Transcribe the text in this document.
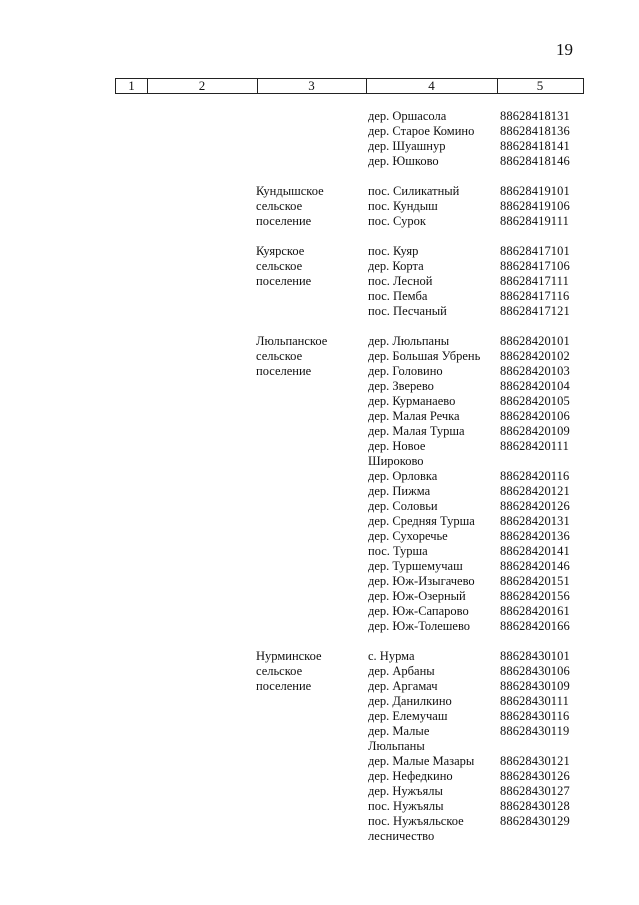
19
1	2	3	4	5
дер. Оршасола	88628418131
дер. Старое Комино 88628418136
дер. Шуашнур	88628418141
дер. Юшково	88628418146
Кундышское	пос. Силикатный	88628419101
сельское	пос. Кундыш	88628419106
поселение	пос. Сурок	88628419111
Куярское	пос. Куяр	88628417101
сельское	дер. Корта	88628417106
поселение	пос. Лесной	88628417111
пос. Пемба	88628417116
пос. Песчаный	88628417121
Люльпанское	дер. Люльпаны	88628420101
сельское	дер. Большая Убрень 88628420102
поселение	дер. Головино	88628420103
дер. Зверево	88628420104
дер. Курманаево	88628420105
дер. Малая Речка	88628420106
дер. Малая Турша	88628420109
дер. Новое	88628420111
Широково
дер. Орловка	88628420116
дер. Пижма	88628420121
дер. Соловьи	88628420126
дер. Средняя Турша 88628420131
дер. Сухоречье	88628420136
пос. Турша	88628420141
дер. Туршемучаш	88628420146
дер. Юж-Изыгачево 88628420151
дер. Юж-Озерный	88628420156
дер. Юж-Сапарово	88628420161
дер. Юж-Толешево 88628420166
Нурминское	с. Нурма	88628430101
сельское	дер. Арбаны	88628430106
поселение	дер. Аргамач	88628430109
дер. Данилкино	88628430111
дер. Елемучаш	88628430116
дер. Малые	88628430119
Люльпаны
дер. Малые Мазары 88628430121
дер. Нефедкино	88628430126
дер. Нужъялы	88628430127
пос. Нужъялы	88628430128
пос. Нужъяльское	88628430129
лесничество
